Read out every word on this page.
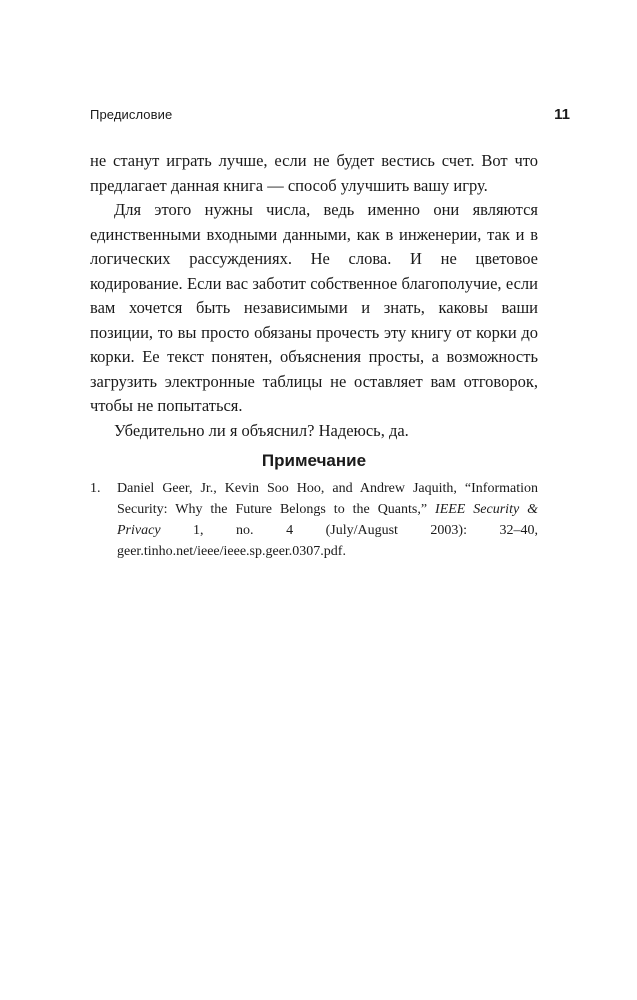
Предисловие	11

не станут играть лучше, если не будет вестись счет. Вот что предлагает данная книга — способ улучшить вашу игру.

Для этого нужны числа, ведь именно они являются единственными входными данными, как в инженерии, так и в логических рассуждениях. Не слова. И не цветовое кодирование. Если вас заботит собственное благополучие, если вам хочется быть независимыми и знать, каковы ваши позиции, то вы просто обязаны прочесть эту книгу от корки до корки. Ее текст понятен, объяснения просты, а возможность загрузить электронные таблицы не оставляет вам отговорок, чтобы не попытаться.

Убедительно ли я объяснил? Надеюсь, да.

Примечание
1. Daniel Geer, Jr., Kevin Soo Hoo, and Andrew Jaquith, “Information Security: Why the Future Belongs to the Quants,” IEEE Security & Privacy 1, no. 4 (July/August 2003): 32–40, geer.tinho.net/ieee/ieee.sp.geer.0307.pdf.
